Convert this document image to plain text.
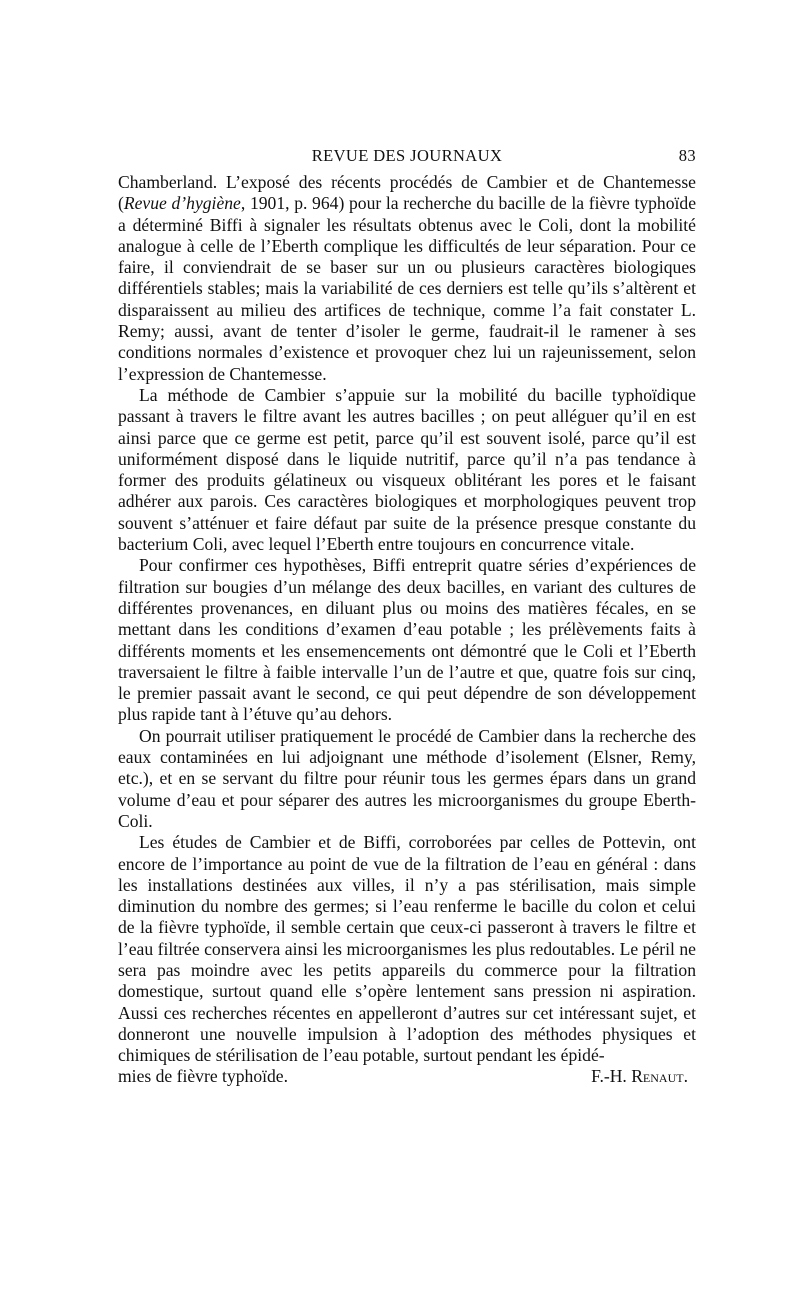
REVUE DES JOURNAUX	83

Chamberland. L’exposé des récents procédés de Cambier et de Chantemesse (Revue d’hygiène, 1901, p. 964) pour la recherche du bacille de la fièvre typhoïde a déterminé Biffi à signaler les résultats obtenus avec le Coli, dont la mobilité analogue à celle de l’Eberth complique les difficultés de leur séparation. Pour ce faire, il conviendrait de se baser sur un ou plusieurs caractères biologiques différentiels stables; mais la variabilité de ces derniers est telle qu’ils s’altèrent et disparaissent au milieu des artifices de technique, comme l’a fait constater L. Remy; aussi, avant de tenter d’isoler le germe, faudrait-il le ramener à ses conditions normales d’existence et provoquer chez lui un rajeunissement, selon l’expression de Chantemesse.

La méthode de Cambier s’appuie sur la mobilité du bacille typhoïdique passant à travers le filtre avant les autres bacilles ; on peut alléguer qu’il en est ainsi parce que ce germe est petit, parce qu’il est souvent isolé, parce qu’il est uniformément disposé dans le liquide nutritif, parce qu’il n’a pas tendance à former des produits gélatineux ou visqueux oblitérant les pores et le faisant adhérer aux parois. Ces caractères biologiques et morphologiques peuvent trop souvent s’atténuer et faire défaut par suite de la présence presque constante du bacterium Coli, avec lequel l’Eberth entre toujours en concurrence vitale.

Pour confirmer ces hypothèses, Biffi entreprit quatre séries d’expériences de filtration sur bougies d’un mélange des deux bacilles, en variant des cultures de différentes provenances, en diluant plus ou moins des matières fécales, en se mettant dans les conditions d’examen d’eau potable ; les prélèvements faits à différents moments et les ensemencements ont démontré que le Coli et l’Eberth traversaient le filtre à faible intervalle l’un de l’autre et que, quatre fois sur cinq, le premier passait avant le second, ce qui peut dépendre de son développement plus rapide tant à l’étuve qu’au dehors.

On pourrait utiliser pratiquement le procédé de Cambier dans la recherche des eaux contaminées en lui adjoignant une méthode d’isolement (Elsner, Remy, etc.), et en se servant du filtre pour réunir tous les germes épars dans un grand volume d’eau et pour séparer des autres les microorganismes du groupe Eberth-Coli.

Les études de Cambier et de Biffi, corroborées par celles de Pottevin, ont encore de l’importance au point de vue de la filtration de l’eau en général : dans les installations destinées aux villes, il n’y a pas stérilisation, mais simple diminution du nombre des germes; si l’eau renferme le bacille du colon et celui de la fièvre typhoïde, il semble certain que ceux-ci passeront à travers le filtre et l’eau filtrée conservera ainsi les microorganismes les plus redoutables. Le péril ne sera pas moindre avec les petits appareils du commerce pour la filtration domestique, surtout quand elle s’opère lentement sans pression ni aspiration. Aussi ces recherches récentes en appelleront d’autres sur cet intéressant sujet, et donneront une nouvelle impulsion à l’adoption des méthodes physiques et chimiques de stérilisation de l’eau potable, surtout pendant les épidé-

mies de fièvre typhoïde.	F.-H. Renaut.
